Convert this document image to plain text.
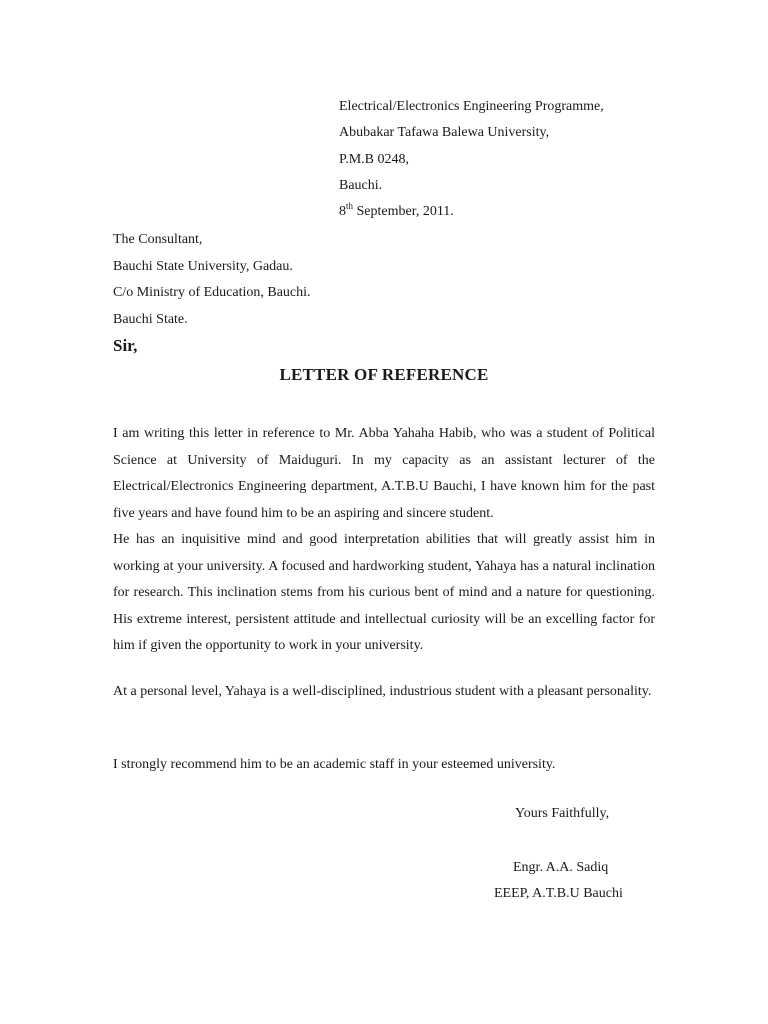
Electrical/Electronics Engineering Programme,
Abubakar Tafawa Balewa University,
P.M.B 0248,
Bauchi.
8th September, 2011.
The Consultant,
Bauchi State University, Gadau.
C/o Ministry of Education, Bauchi.
Bauchi State.
Sir,
LETTER OF REFERENCE
I am writing this letter in reference to Mr. Abba Yahaha Habib, who was a student of Political Science at University of Maiduguri. In my capacity as an assistant lecturer of the Electrical/Electronics Engineering department, A.T.B.U Bauchi, I have known him for the past five years and have found him to be an aspiring and sincere student.
He has an inquisitive mind and good interpretation abilities that will greatly assist him in working at your university. A focused and hardworking student, Yahaya has a natural inclination for research. This inclination stems from his curious bent of mind and a nature for questioning. His extreme interest, persistent attitude and intellectual curiosity will be an excelling factor for him if given the opportunity to work in your university.
At a personal level, Yahaya is a well-disciplined, industrious student with a pleasant personality.
I strongly recommend him to be an academic staff in your esteemed university.
Yours Faithfully,
Engr. A.A. Sadiq
EEEP, A.T.B.U Bauchi
